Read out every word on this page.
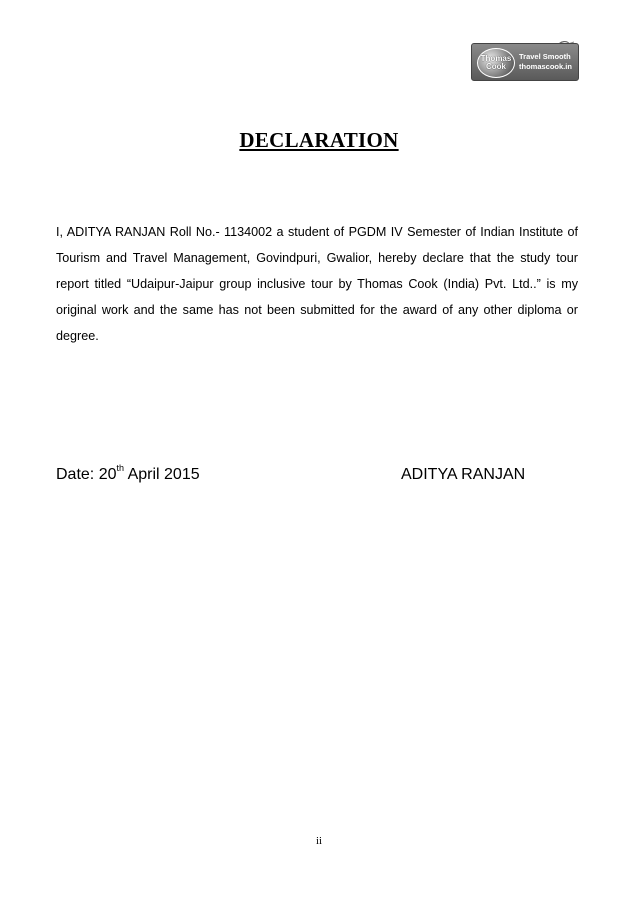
Thomas
Cook
Travel Smooth
thomascook.in
DECLARATION
I, ADITYA RANJAN Roll No.- 1134002 a student of PGDM IV Semester of Indian Institute of Tourism and Travel Management, Govindpuri, Gwalior, hereby declare that the study tour report titled “Udaipur-Jaipur group inclusive tour by Thomas Cook (India) Pvt. Ltd..” is my original work and the same has not been submitted for the award of any other diploma or degree.
Date: 20th April 2015	ADITYA RANJAN
ii
